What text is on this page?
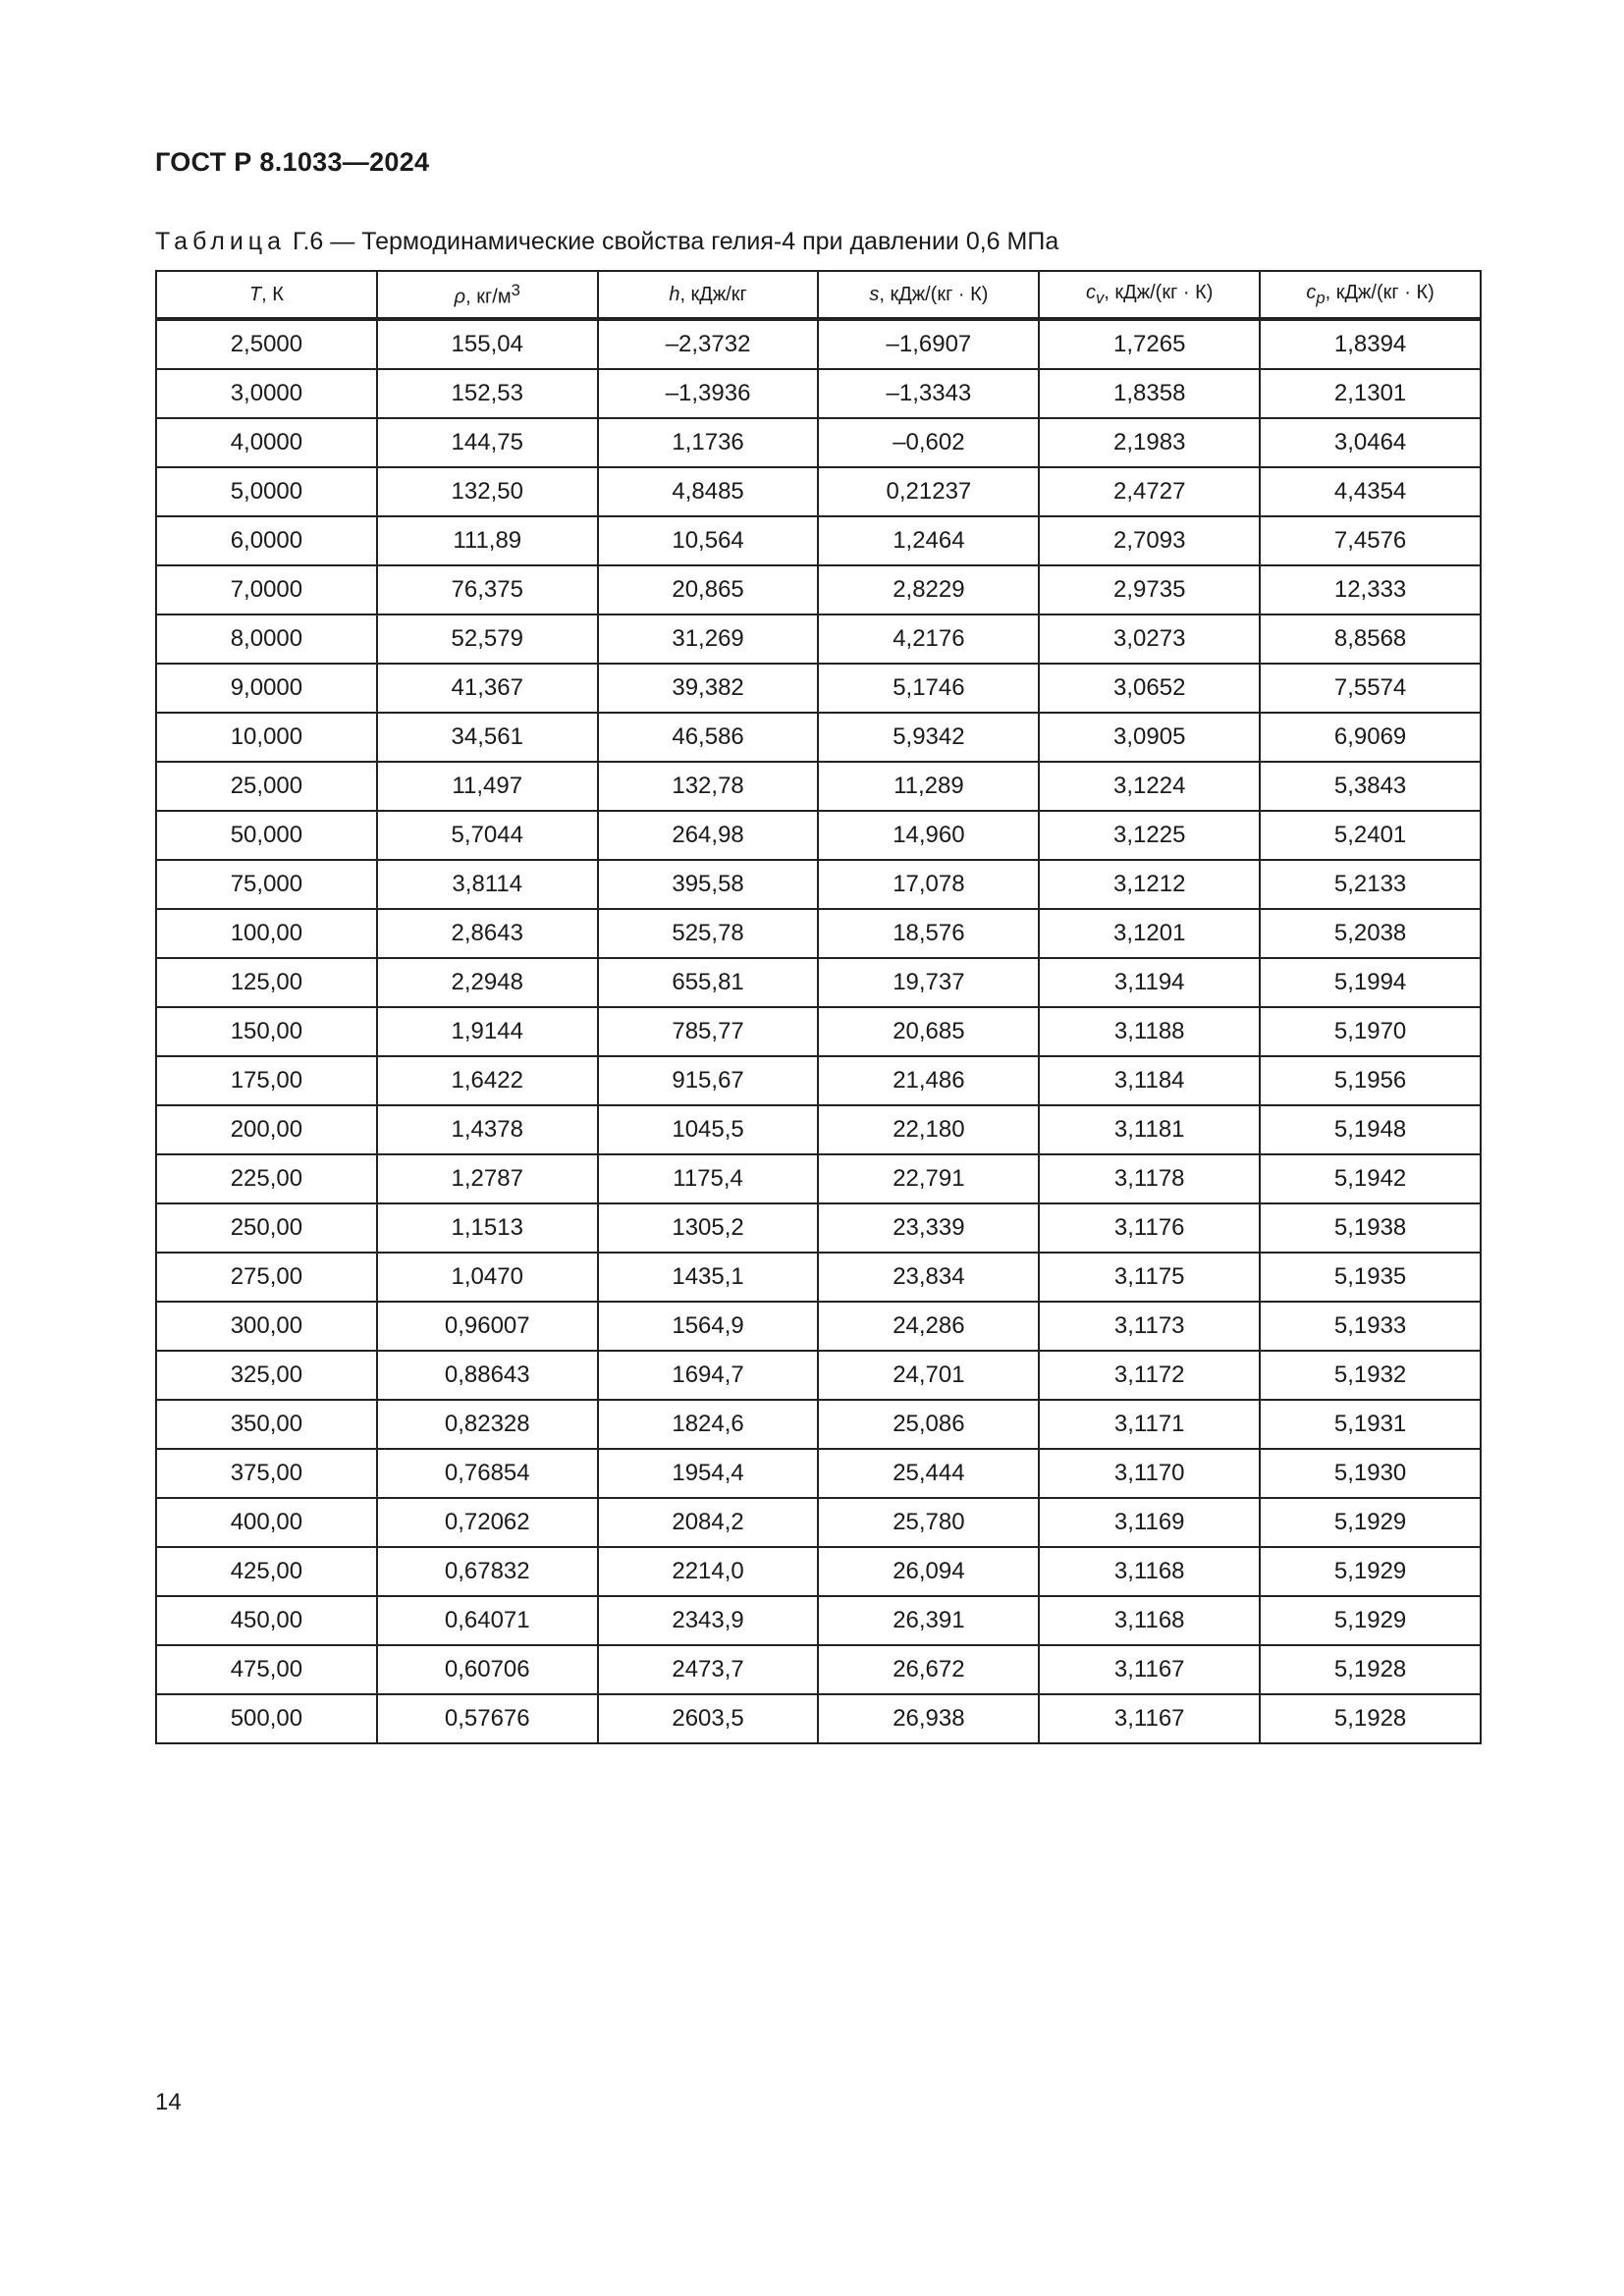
ГОСТ Р 8.1033—2024
Таблица Г.6 — Термодинамические свойства гелия-4 при давлении 0,6 МПа
T, К	ρ, $кг/м^3$	h, кДж/кг	s, кДж/(кг · К)	$c_v$, кДж/(кг · К)	$c_p$, кДж/(кг · К)
2,5000	155,04	–2,3732	–1,6907	1,7265	1,8394
3,0000	152,53	–1,3936	–1,3343	1,8358	2,1301
4,0000	144,75	1,1736	–0,602	2,1983	3,0464
5,0000	132,50	4,8485	0,21237	2,4727	4,4354
6,0000	111,89	10,564	1,2464	2,7093	7,4576
7,0000	76,375	20,865	2,8229	2,9735	12,333
8,0000	52,579	31,269	4,2176	3,0273	8,8568
9,0000	41,367	39,382	5,1746	3,0652	7,5574
10,000	34,561	46,586	5,9342	3,0905	6,9069
25,000	11,497	132,78	11,289	3,1224	5,3843
50,000	5,7044	264,98	14,960	3,1225	5,2401
75,000	3,8114	395,58	17,078	3,1212	5,2133
100,00	2,8643	525,78	18,576	3,1201	5,2038
125,00	2,2948	655,81	19,737	3,1194	5,1994
150,00	1,9144	785,77	20,685	3,1188	5,1970
175,00	1,6422	915,67	21,486	3,1184	5,1956
200,00	1,4378	1045,5	22,180	3,1181	5,1948
225,00	1,2787	1175,4	22,791	3,1178	5,1942
250,00	1,1513	1305,2	23,339	3,1176	5,1938
275,00	1,0470	1435,1	23,834	3,1175	5,1935
300,00	0,96007	1564,9	24,286	3,1173	5,1933
325,00	0,88643	1694,7	24,701	3,1172	5,1932
350,00	0,82328	1824,6	25,086	3,1171	5,1931
375,00	0,76854	1954,4	25,444	3,1170	5,1930
400,00	0,72062	2084,2	25,780	3,1169	5,1929
425,00	0,67832	2214,0	26,094	3,1168	5,1929
450,00	0,64071	2343,9	26,391	3,1168	5,1929
475,00	0,60706	2473,7	26,672	3,1167	5,1928
500,00	0,57676	2603,5	26,938	3,1167	5,1928
14
